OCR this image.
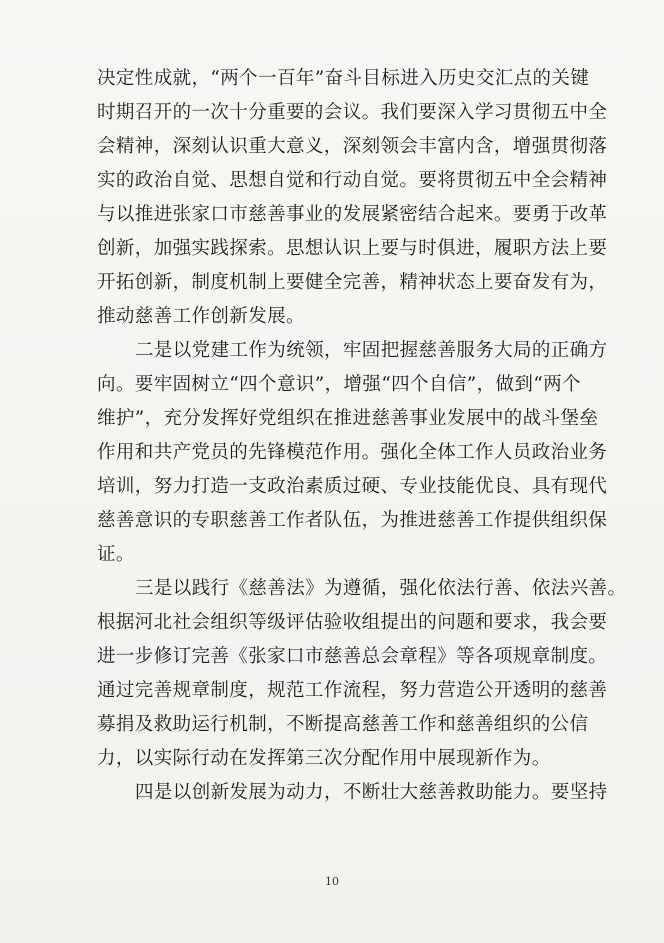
决定性成就，“两个一百年”奋斗目标进入历史交汇点的关键
时期召开的一次十分重要的会议。我们要深入学习贯彻五中全
会精神，深刻认识重大意义，深刻领会丰富内含，增强贯彻落
实的政治自觉、思想自觉和行动自觉。要将贯彻五中全会精神
与以推进张家口市慈善事业的发展紧密结合起来。要勇于改革
创新，加强实践探索。思想认识上要与时俱进，履职方法上要
开拓创新，制度机制上要健全完善，精神状态上要奋发有为，
推动慈善工作创新发展。
二是以党建工作为统领，牢固把握慈善服务大局的正确方
向。要牢固树立“四个意识”，增强“四个自信”，做到“两个
维护”，充分发挥好党组织在推进慈善事业发展中的战斗堡垒
作用和共产党员的先锋模范作用。强化全体工作人员政治业务
培训，努力打造一支政治素质过硬、专业技能优良、具有现代
慈善意识的专职慈善工作者队伍，为推进慈善工作提供组织保
证。
三是以践行《慈善法》为遵循，强化依法行善、依法兴善。
根据河北社会组织等级评估验收组提出的问题和要求，我会要
进一步修订完善《张家口市慈善总会章程》等各项规章制度。
通过完善规章制度，规范工作流程，努力营造公开透明的慈善
募捐及救助运行机制，不断提高慈善工作和慈善组织的公信
力，以实际行动在发挥第三次分配作用中展现新作为。
四是以创新发展为动力，不断壮大慈善救助能力。要坚持
10
